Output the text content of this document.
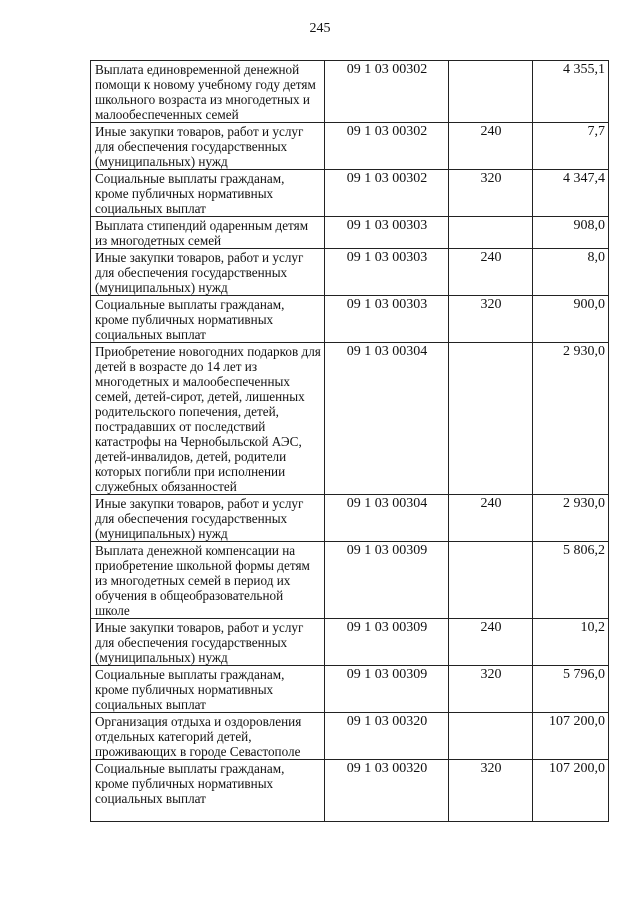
245
Выплата единовременной денежной помощи к новому учебному году детям школьного возраста из многодетных и малообеспеченных семей	09 1 03 00302		4 355,1
Иные закупки товаров, работ и услуг для обеспечения государственных (муниципальных) нужд	09 1 03 00302	240	7,7
Социальные выплаты гражданам, кроме публичных нормативных социальных выплат	09 1 03 00302	320	4 347,4
Выплата стипендий одаренным детям из многодетных семей	09 1 03 00303		908,0
Иные закупки товаров, работ и услуг для обеспечения государственных (муниципальных) нужд	09 1 03 00303	240	8,0
Социальные выплаты гражданам, кроме публичных нормативных социальных выплат	09 1 03 00303	320	900,0
Приобретение новогодних подарков для детей в возрасте до 14 лет из многодетных и малообеспеченных семей, детей-сирот, детей, лишенных родительского попечения, детей, пострадавших от последствий катастрофы на Чернобыльской АЭС, детей-инвалидов, детей, родители которых погибли при исполнении служебных обязанностей	09 1 03 00304		2 930,0
Иные закупки товаров, работ и услуг для обеспечения государственных (муниципальных) нужд	09 1 03 00304	240	2 930,0
Выплата денежной компенсации на приобретение школьной формы детям из многодетных семей в период их обучения в общеобразовательной школе	09 1 03 00309		5 806,2
Иные закупки товаров, работ и услуг для обеспечения государственных (муниципальных) нужд	09 1 03 00309	240	10,2
Социальные выплаты гражданам, кроме публичных нормативных социальных выплат	09 1 03 00309	320	5 796,0
Организация отдыха и оздоровления отдельных категорий детей, проживающих в городе Севастополе	09 1 03 00320		107 200,0
Социальные выплаты гражданам, кроме публичных нормативных социальных выплат	09 1 03 00320	320	107 200,0
